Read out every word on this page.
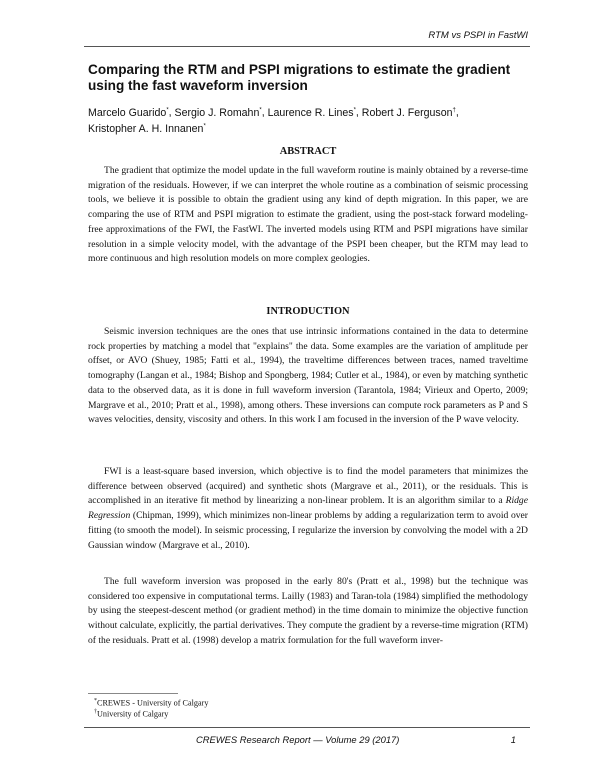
RTM vs PSPI in FastWI
Comparing the RTM and PSPI migrations to estimate the gradient using the fast waveform inversion
Marcelo Guarido*, Sergio J. Romahn*, Laurence R. Lines*, Robert J. Ferguson†,
Kristopher A. H. Innanen*
ABSTRACT

The gradient that optimize the model update in the full waveform routine is mainly obtained by a reverse-time migration of the residuals. However, if we can interpret the whole routine as a combination of seismic processing tools, we believe it is possible to obtain the gradient using any kind of depth migration. In this paper, we are comparing the use of RTM and PSPI migration to estimate the gradient, using the post-stack forward modeling-free approximations of the FWI, the FastWI. The inverted models using RTM and PSPI migrations have similar resolution in a simple velocity model, with the advantage of the PSPI been cheaper, but the RTM may lead to more continuous and high resolution models on more complex geologies.

INTRODUCTION

Seismic inversion techniques are the ones that use intrinsic informations contained in the data to determine rock properties by matching a model that "explains" the data. Some examples are the variation of amplitude per offset, or AVO (Shuey, 1985; Fatti et al., 1994), the traveltime differences between traces, named traveltime tomography (Langan et al., 1984; Bishop and Spongberg, 1984; Cutler et al., 1984), or even by matching synthetic data to the observed data, as it is done in full waveform inversion (Tarantola, 1984; Virieux and Operto, 2009; Margrave et al., 2010; Pratt et al., 1998), among others. These inversions can compute rock parameters as P and S waves velocities, density, viscosity and others. In this work I am focused in the inversion of the P wave velocity.

FWI is a least-square based inversion, which objective is to find the model parameters that minimizes the difference between observed (acquired) and synthetic shots (Margrave et al., 2011), or the residuals. This is accomplished in an iterative fit method by linearizing a non-linear problem. It is an algorithm similar to a Ridge Regression (Chipman, 1999), which minimizes non-linear problems by adding a regularization term to avoid over fitting (to smooth the model). In seismic processing, I regularize the inversion by convolving the model with a 2D Gaussian window (Margrave et al., 2010).

The full waveform inversion was proposed in the early 80's (Pratt et al., 1998) but the technique was considered too expensive in computational terms. Lailly (1983) and Taran-tola (1984) simplified the methodology by using the steepest-descent method (or gradient method) in the time domain to minimize the objective function without calculate, explicitly, the partial derivatives. They compute the gradient by a reverse-time migration (RTM) of the residuals. Pratt et al. (1998) develop a matrix formulation for the full waveform inver-

*CREWES - University of Calgary
†University of Calgary
CREWES Research Report — Volume 29 (2017)	1
